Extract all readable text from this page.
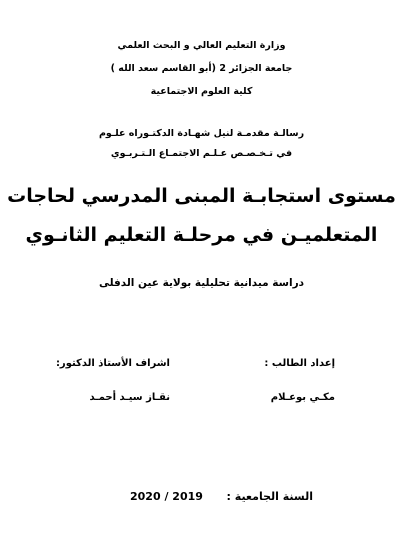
وزارة التعليم العالي و البحث العلمي
جامعة الجزائر 2 (أبو القاسم سعد الله )
كلية العلوم الاجتماعية
رسالـة مقدمـة لنيل شهـادة الدكتـوراه علـوم
في تـخـصـص عـلـم الاجتمـاع الـتـربـوي
مستوى استجابـة المبنى المدرسي لحاجات
المتعلميـن في مرحلـة التعليم الثانـوي
دراسة ميدانية تحليلية بولاية عين الدفلى
إعداد الطالب :
اشراف الأستاذ الدكتور:
مكـي بوعـلام
نقـاز سيـد أحمـد
السنة الجامعية :
2020 / 2019
